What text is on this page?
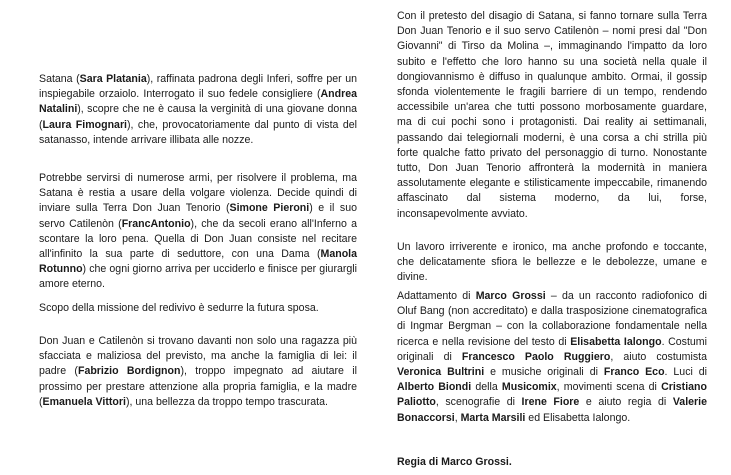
Satana (Sara Platania), raffinata padrona degli Inferi, soffre per un inspiegabile orzaiolo. Interrogato il suo fedele consigliere (Andrea Natalini), scopre che ne è causa la verginità di una giovane donna (Laura Fimognari), che, provocatoriamente dal punto di vista del satanasso, intende arrivare illibata alle nozze.

Potrebbe servirsi di numerose armi, per risolvere il problema, ma Satana è restia a usare della volgare violenza. Decide quindi di inviare sulla Terra Don Juan Tenorio (Simone Pieroni) e il suo servo Catilenòn (FrancAntonio), che da secoli erano all'Inferno a scontare la loro pena. Quella di Don Juan consiste nel recitare all'infinito la sua parte di seduttore, con una Dama (Manola Rotunno) che ogni giorno arriva per ucciderlo e finisce per giurargli amore eterno.

Scopo della missione del redivivo è sedurre la futura sposa.

Don Juan e Catilenòn si trovano davanti non solo una ragazza più sfacciata e maliziosa del previsto, ma anche la famiglia di lei: il padre (Fabrizio Bordignon), troppo impegnato ad aiutare il prossimo per prestare attenzione alla propria famiglia, e la madre (Emanuela Vittori), una bellezza da troppo tempo trascurata.

Con il pretesto del disagio di Satana, si fanno tornare sulla Terra Don Juan Tenorio e il suo servo Catilenòn – nomi presi dal "Don Giovanni" di Tirso da Molina –, immaginando l'impatto da loro subito e l'effetto che loro hanno su una società nella quale il dongiovannismo è diffuso in qualunque ambito. Ormai, il gossip sfonda violentemente le fragili barriere di un tempo, rendendo accessibile un'area che tutti possono morbosamente guardare, ma di cui pochi sono i protagonisti. Dai reality ai settimanali, passando dai telegiornali moderni, è una corsa a chi strilla più forte qualche fatto privato del personaggio di turno. Nonostante tutto, Don Juan Tenorio affronterà la modernità in maniera assolutamente elegante e stilisticamente impeccabile, rimanendo affascinato dal sistema moderno, da lui, forse, inconsapevolmente avviato.

Un lavoro irriverente e ironico, ma anche profondo e toccante, che delicatamente sfiora le bellezze e le debolezze, umane e divine.

Adattamento di Marco Grossi – da un racconto radiofonico di Oluf Bang (non accreditato) e dalla trasposizione cinematografica di Ingmar Bergman – con la collaborazione fondamentale nella ricerca e nella revisione del testo di Elisabetta Ialongo. Costumi originali di Francesco Paolo Ruggiero, aiuto costumista Veronica Bultrini e musiche originali di Franco Eco. Luci di Alberto Biondi della Musicomix, movimenti scena di Cristiano Paliotto, scenografie di Irene Fiore e aiuto regia di Valerie Bonaccorsi, Marta Marsili ed Elisabetta Ialongo.

Regia di Marco Grossi.
